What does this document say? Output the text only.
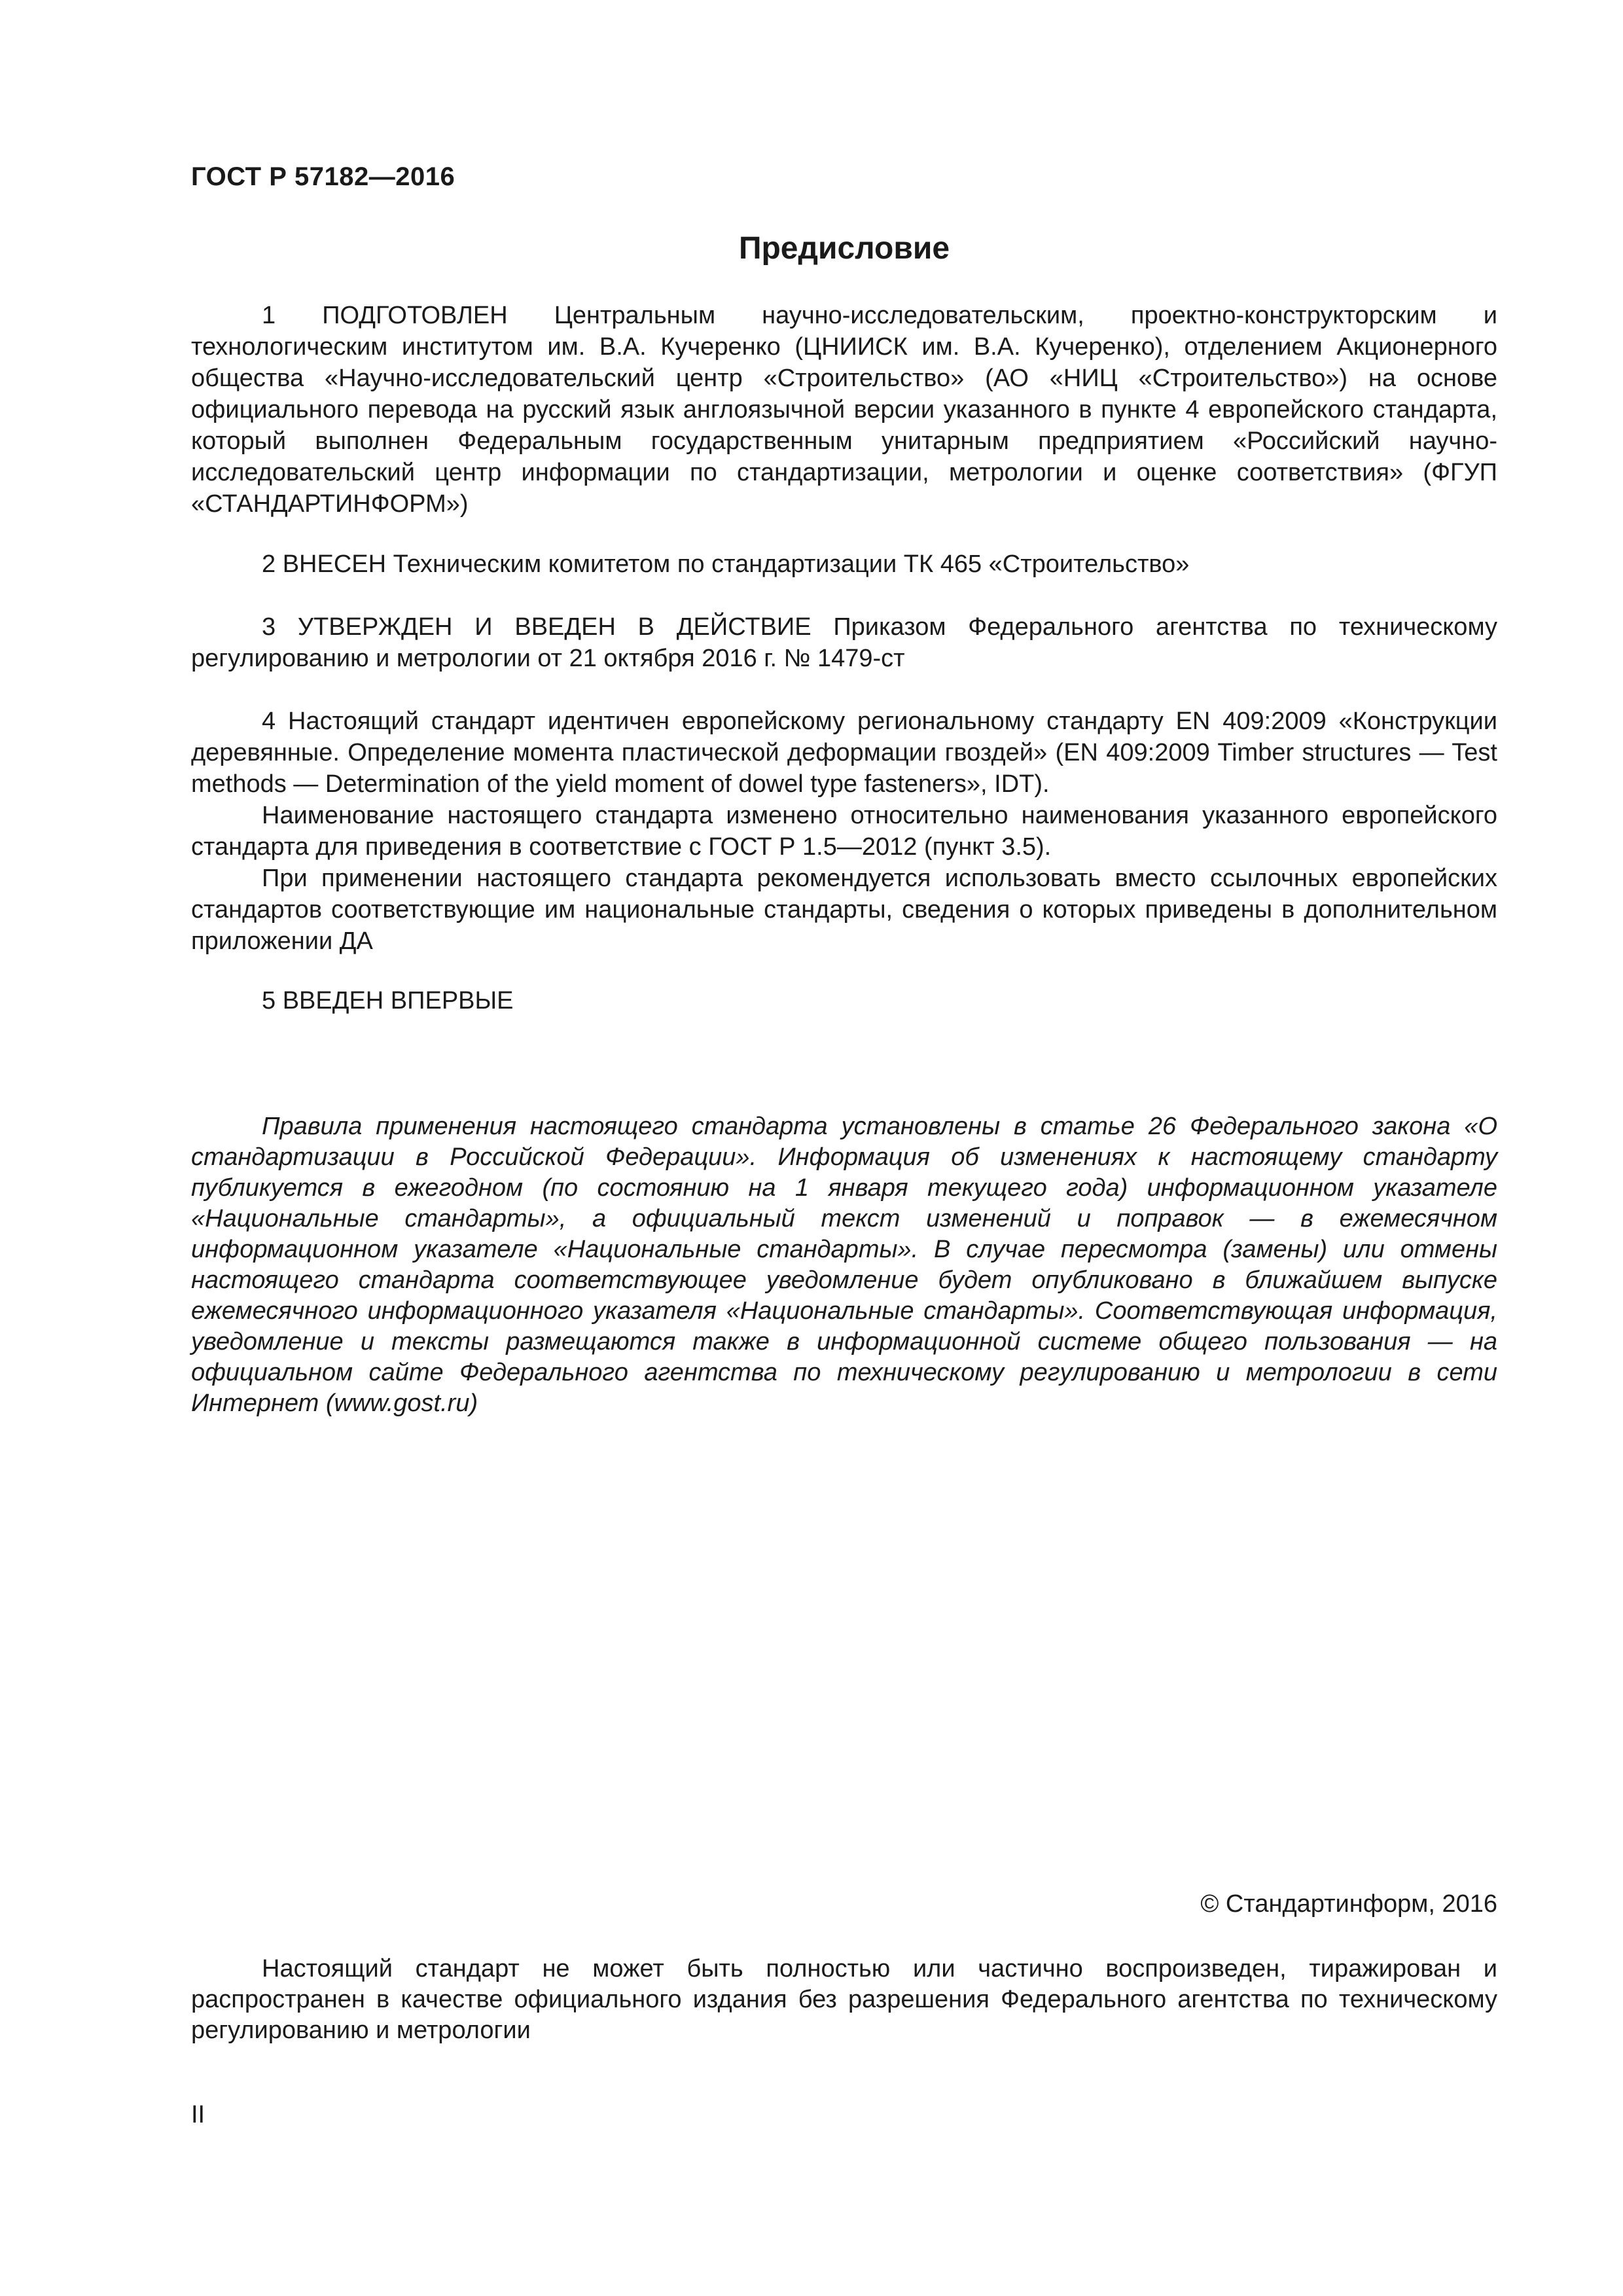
ГОСТ Р 57182—2016

Предисловие

1 ПОДГОТОВЛЕН Центральным научно-исследовательским, проектно-конструкторским и технологическим институтом им. В.А. Кучеренко (ЦНИИСК им. В.А. Кучеренко), отделением Акционерного общества «Научно-исследовательский центр «Строительство» (АО «НИЦ «Строительство») на основе официального перевода на русский язык англоязычной версии указанного в пункте 4 европейского стандарта, который выполнен Федеральным государственным унитарным предприятием «Российский научно-исследовательский центр информации по стандартизации, метрологии и оценке соответствия» (ФГУП «СТАНДАРТИНФОРМ»)

2 ВНЕСЕН Техническим комитетом по стандартизации ТК 465 «Строительство»

3 УТВЕРЖДЕН И ВВЕДЕН В ДЕЙСТВИЕ Приказом Федерального агентства по техническому регулированию и метрологии от 21 октября 2016 г. № 1479-ст

4 Настоящий стандарт идентичен европейскому региональному стандарту EN 409:2009 «Конструкции деревянные. Определение момента пластической деформации гвоздей» (EN 409:2009 Timber structures — Test methods — Determination of the yield moment of dowel type fasteners», IDT).

Наименование настоящего стандарта изменено относительно наименования указанного европейского стандарта для приведения в соответствие с ГОСТ Р 1.5—2012 (пункт 3.5).

При применении настоящего стандарта рекомендуется использовать вместо ссылочных европейских стандартов соответствующие им национальные стандарты, сведения о которых приведены в дополнительном приложении ДА

5 ВВЕДЕН ВПЕРВЫЕ

Правила применения настоящего стандарта установлены в статье 26 Федерального закона «О стандартизации в Российской Федерации». Информация об изменениях к настоящему стандарту публикуется в ежегодном (по состоянию на 1 января текущего года) информационном указателе «Национальные стандарты», а официальный текст изменений и поправок — в ежемесячном информационном указателе «Национальные стандарты». В случае пересмотра (замены) или отмены настоящего стандарта соответствующее уведомление будет опубликовано в ближайшем выпуске ежемесячного информационного указателя «Национальные стандарты». Соответствующая информация, уведомление и тексты размещаются также в информационной системе общего пользования — на официальном сайте Федерального агентства по техническому регулированию и метрологии в сети Интернет (www.gost.ru)

© Стандартинформ, 2016

Настоящий стандарт не может быть полностью или частично воспроизведен, тиражирован и распространен в качестве официального издания без разрешения Федерального агентства по техническому регулированию и метрологии

II
